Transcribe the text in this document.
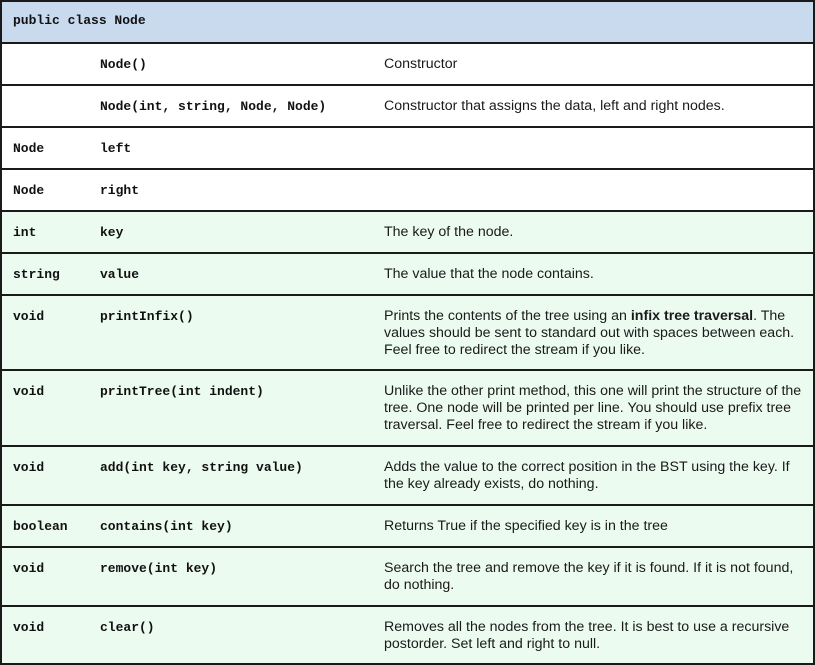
public class Node		
	Node()	Constructor
	Node(int, string, Node, Node)	Constructor that assigns the data, left and right nodes.
Node	left	
Node	right	
int	key	The key of the node.
string	value	The value that the node contains.
void	printInfix()	Prints the contents of the tree using an infix tree traversal. The values should be sent to standard out with spaces between each. Feel free to redirect the stream if you like.
void	printTree(int indent)	Unlike the other print method, this one will print the structure of the tree. One node will be printed per line. You should use prefix tree traversal. Feel free to redirect the stream if you like.
void	add(int key, string value)	Adds the value to the correct position in the BST using the key. If the key already exists, do nothing.
boolean	contains(int key)	Returns True if the specified key is in the tree
void	remove(int key)	Search the tree and remove the key if it is found. If it is not found, do nothing.
void	clear()	Removes all the nodes from the tree. It is best to use a recursive postorder. Set left and right to null.
